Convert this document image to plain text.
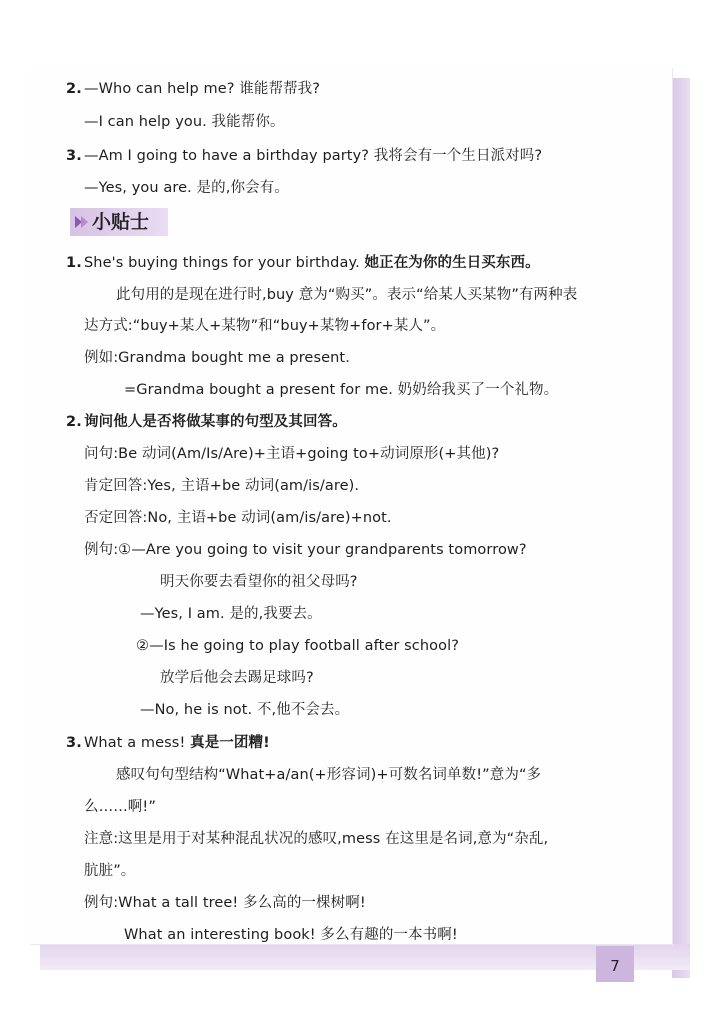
2. —Who can help me? 谁能帮帮我?
—I can help you. 我能帮你。
3. —Am I going to have a birthday party? 我将会有一个生日派对吗?
—Yes, you are. 是的,你会有。
小贴士
1. She's buying things for your birthday. 她正在为你的生日买东西。
此句用的是现在进行时,buy 意为“购买”。表示“给某人买某物”有两种表
达方式:“buy+某人+某物”和“buy+某物+for+某人”。
例如:Grandma bought me a present.
=Grandma bought a present for me. 奶奶给我买了一个礼物。
2. 询问他人是否将做某事的句型及其回答。
问句:Be 动词(Am/Is/Are)+主语+going to+动词原形(+其他)?
肯定回答:Yes, 主语+be 动词(am/is/are).
否定回答:No, 主语+be 动词(am/is/are)+not.
例句:①—Are you going to visit your grandparents tomorrow?
明天你要去看望你的祖父母吗?
—Yes, I am. 是的,我要去。
②—Is he going to play football after school?
放学后他会去踢足球吗?
—No, he is not. 不,他不会去。
3. What a mess! 真是一团糟!
感叹句句型结构“What+a/an(+形容词)+可数名词单数!”意为“多
么……啊!”
注意:这里是用于对某种混乱状况的感叹,mess 在这里是名词,意为“杂乱,
肮脏”。
例句:What a tall tree! 多么高的一棵树啊!
What an interesting book! 多么有趣的一本书啊!
7
